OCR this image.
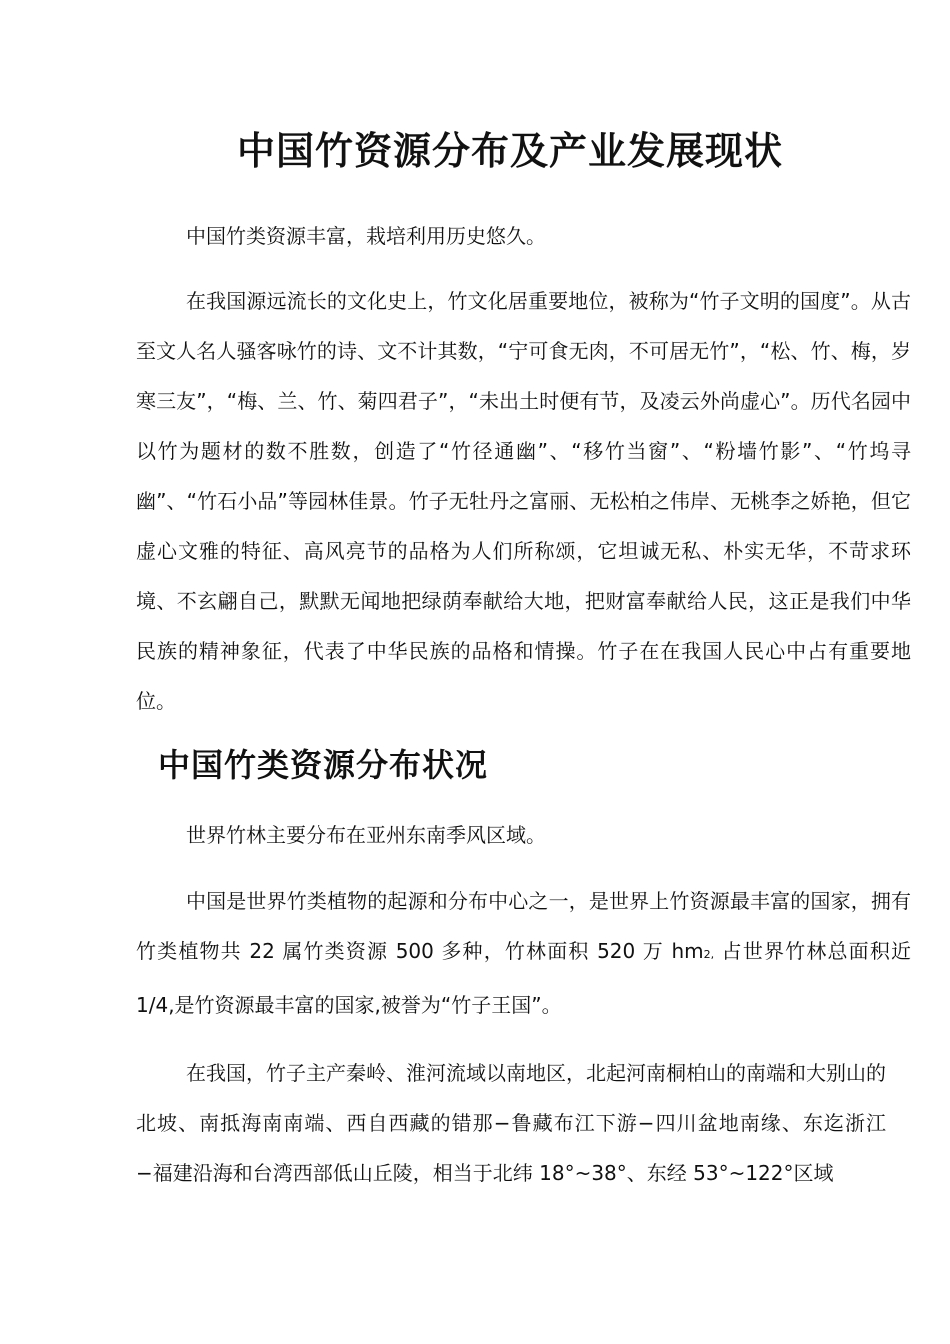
中国竹资源分布及产业发展现状

中国竹类资源丰富，栽培利用历史悠久。

在我国源远流长的文化史上，竹文化居重要地位，被称为“竹子文明的国度”。从古至文人名人骚客咏竹的诗、文不计其数，“宁可食无肉，不可居无竹”，“松、竹、梅，岁寒三友”，“梅、兰、竹、菊四君子”，“未出土时便有节，及凌云外尚虚心”。历代名园中以竹为题材的数不胜数，创造了“竹径通幽”、“移竹当窗”、“粉墙竹影”、“竹坞寻幽”、“竹石小品”等园林佳景。竹子无牡丹之富丽、无松柏之伟岸、无桃李之娇艳，但它虚心文雅的特征、高风亮节的品格为人们所称颂，它坦诚无私、朴实无华，不苛求环境、不玄翩自己，默默无闻地把绿荫奉献给大地，把财富奉献给人民，这正是我们中华民族的精神象征，代表了中华民族的品格和情操。竹子在在我国人民心中占有重要地位。

中国竹类资源分布状况

世界竹林主要分布在亚州东南季风区域。

中国是世界竹类植物的起源和分布中心之一，是世界上竹资源最丰富的国家，拥有竹类植物共 22 属竹类资源 500 多种，竹林面积 520 万 hm2, 占世界竹林总面积近 1/4,是竹资源最丰富的国家,被誉为“竹子王国”。

在我国，竹子主产秦岭、淮河流域以南地区，北起河南桐柏山的南端和大别山的北坡、南抵海南南端、西自西藏的错那−鲁藏布江下游−四川盆地南缘、东迄浙江−福建沿海和台湾西部低山丘陵，相当于北纬 18°~38°、东经 53°~122°区域
